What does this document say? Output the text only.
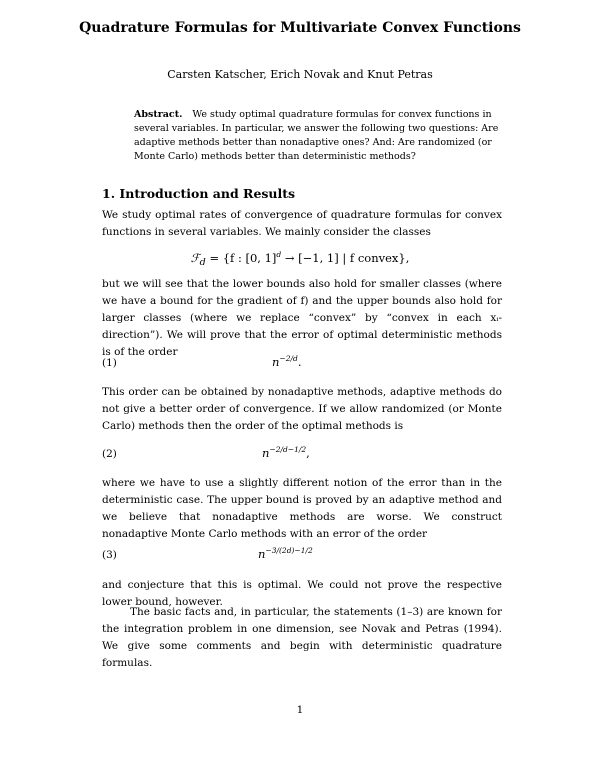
Quadrature Formulas for Multivariate Convex Functions
Carsten Katscher, Erich Novak and Knut Petras
Abstract. We study optimal quadrature formulas for convex functions in several variables. In particular, we answer the following two questions: Are adaptive methods better than nonadaptive ones? And: Are randomized (or Monte Carlo) methods better than deterministic methods?
1. Introduction and Results
We study optimal rates of convergence of quadrature formulas for convex functions in several variables. We mainly consider the classes
ℱ$_d$ = {f : [0, 1]$^d$ → [−1, 1] | f convex},
but we will see that the lower bounds also hold for smaller classes (where we have a bound for the gradient of f) and the upper bounds also hold for larger classes (where we replace “convex” by “convex in each xᵢ-direction”). We will prove that the error of optimal deterministic methods is of the order
(1)	$n^{-2/d}$.
This order can be obtained by nonadaptive methods, adaptive methods do not give a better order of convergence. If we allow randomized (or Monte Carlo) methods then the order of the optimal methods is
(2)	$n^{-2/d-1/2}$,
where we have to use a slightly different notion of the error than in the deterministic case. The upper bound is proved by an adaptive method and we believe that nonadaptive methods are worse. We construct nonadaptive Monte Carlo methods with an error of the order
(3)	$n^{-3/(2d)-1/2}$
and conjecture that this is optimal. We could not prove the respective lower bound, however.
The basic facts and, in particular, the statements (1–3) are known for the integration problem in one dimension, see Novak and Petras (1994). We give some comments and begin with deterministic quadrature formulas.
1
